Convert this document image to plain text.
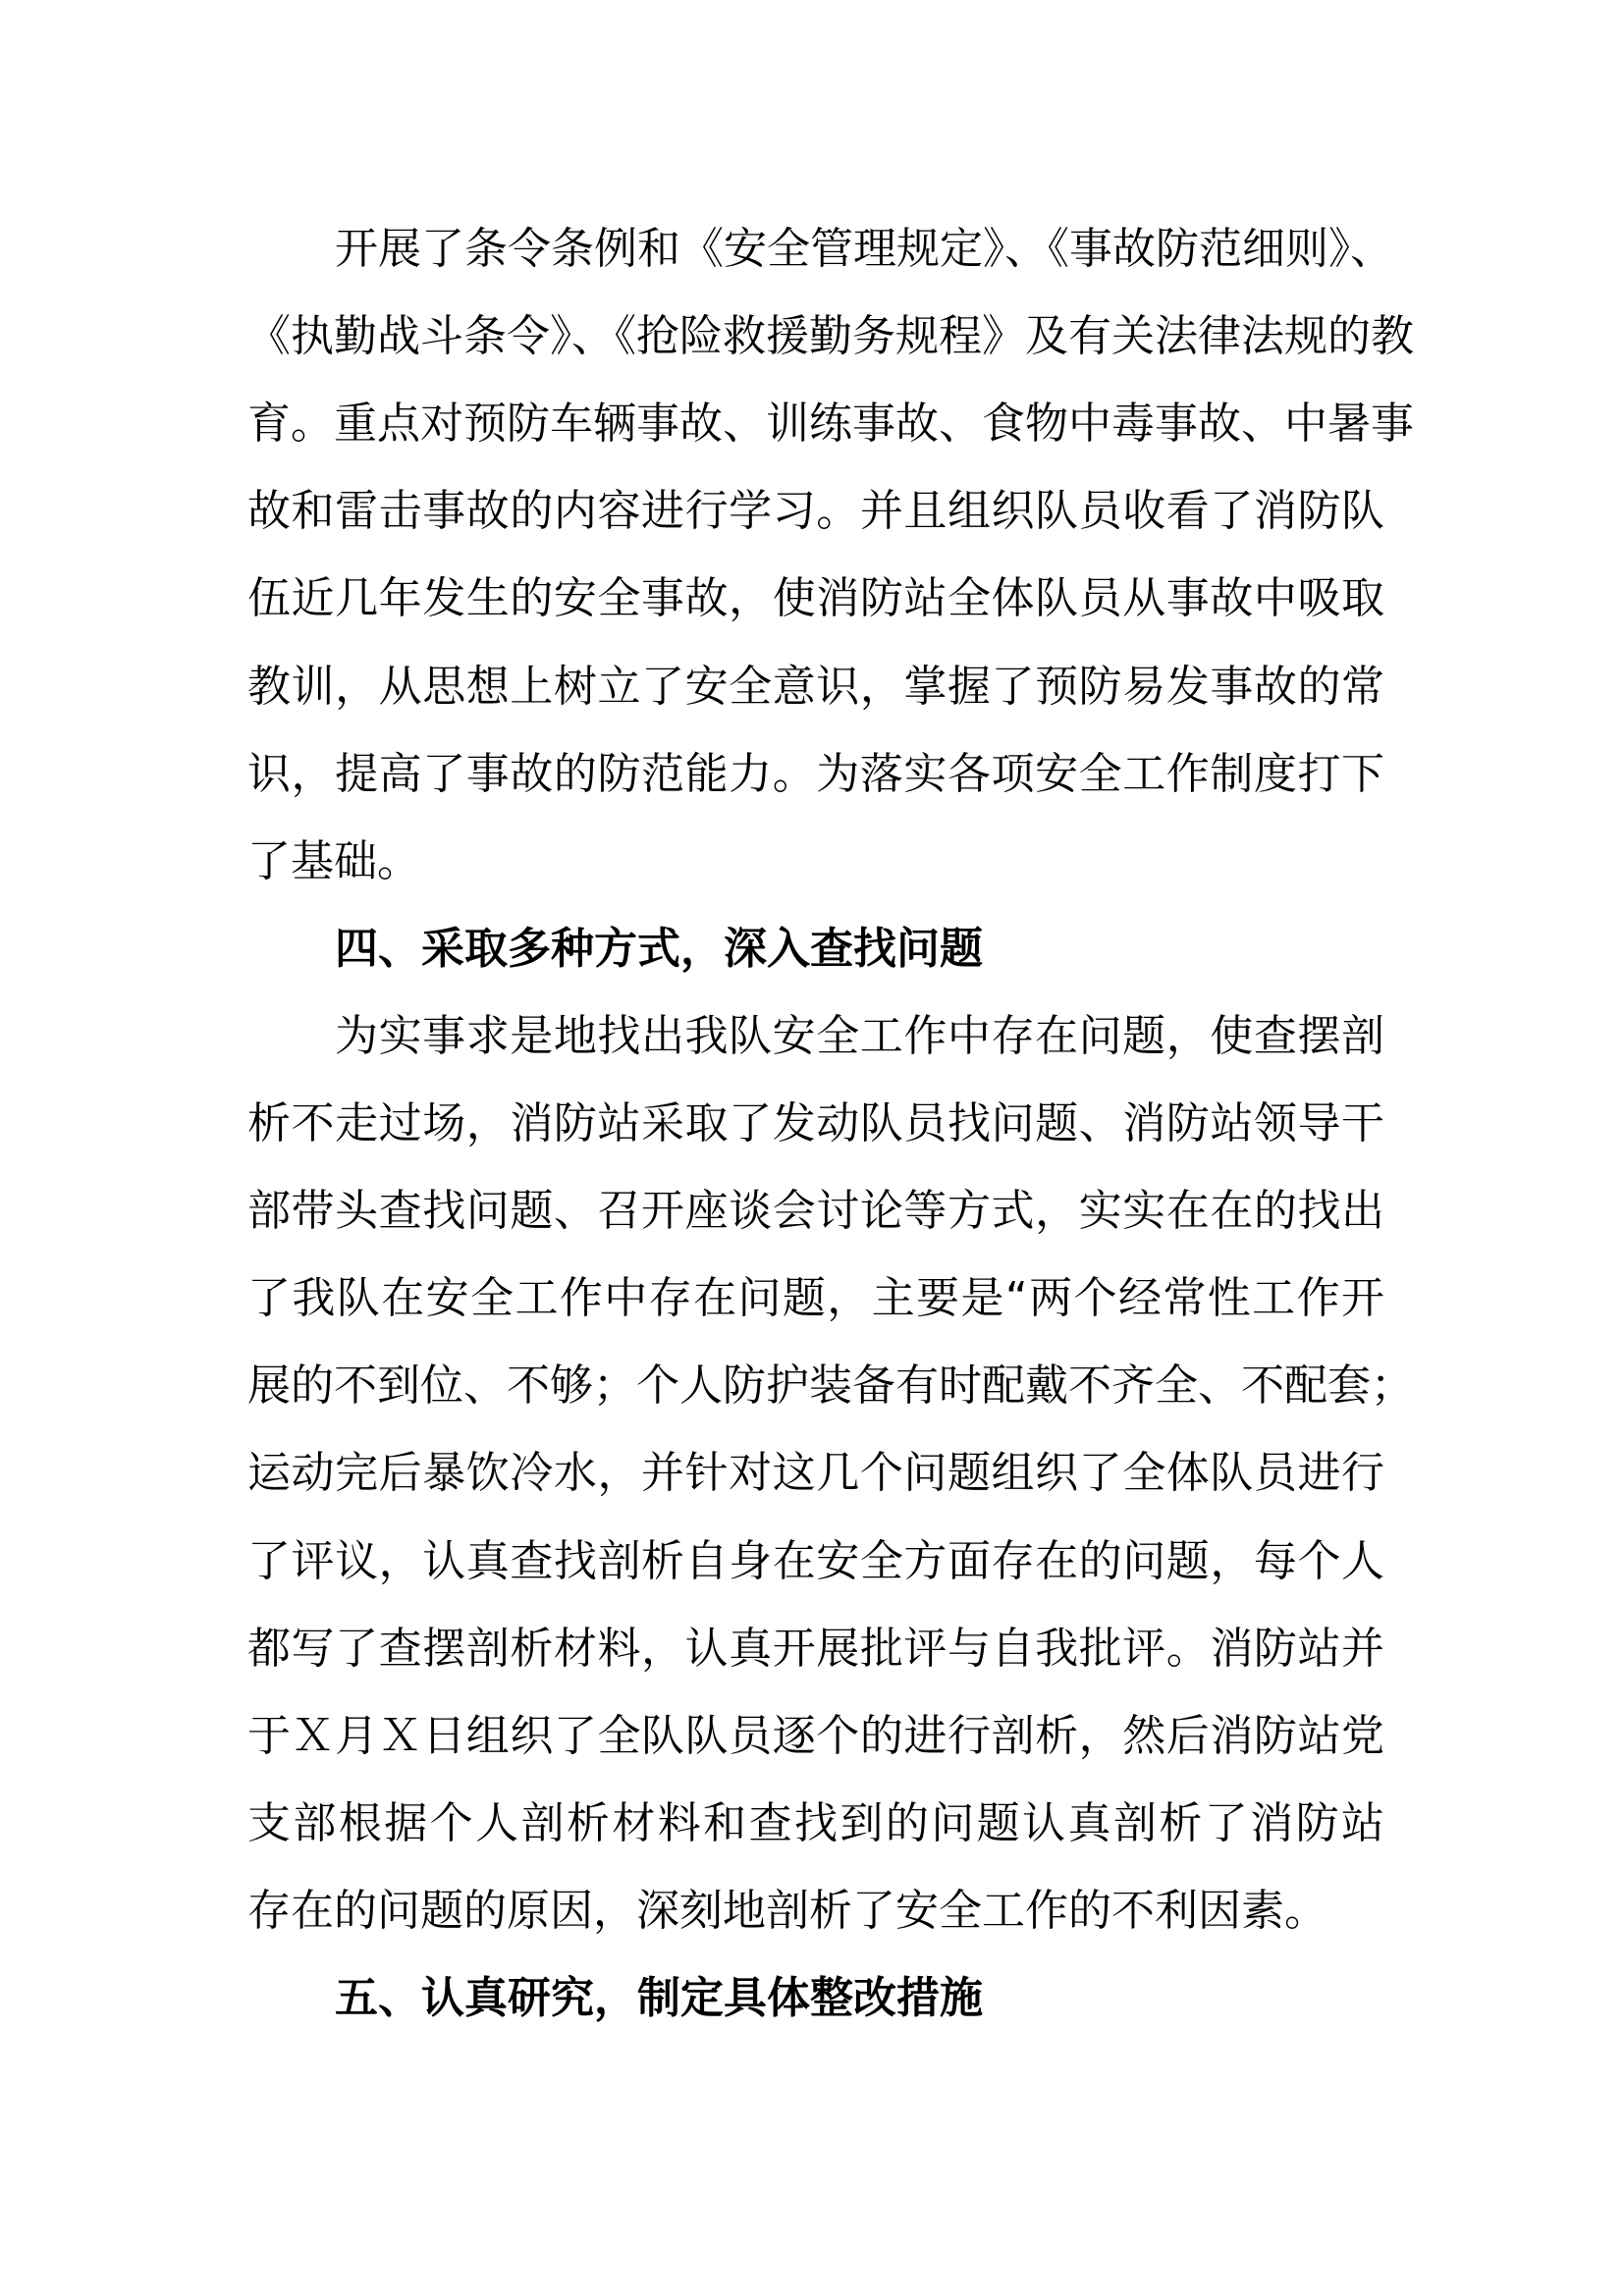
开展了条令条例和《安全管理规定》、《事故防范细则》、
《执勤战斗条令》、《抢险救援勤务规程》及有关法律法规的教
育。重点对预防车辆事故、训练事故、食物中毒事故、中暑事
故和雷击事故的内容进行学习。并且组织队员收看了消防队
伍近几年发生的安全事故，使消防站全体队员从事故中吸取
教训，从思想上树立了安全意识，掌握了预防易发事故的常
识，提高了事故的防范能力。为落实各项安全工作制度打下
了基础。
四、采取多种方式，深入查找问题
为实事求是地找出我队安全工作中存在问题，使查摆剖
析不走过场，消防站采取了发动队员找问题、消防站领导干
部带头查找问题、召开座谈会讨论等方式，实实在在的找出
了我队在安全工作中存在问题，主要是“两个经常性工作开
展的不到位、不够；个人防护装备有时配戴不齐全、不配套；
运动完后暴饮冷水，并针对这几个问题组织了全体队员进行
了评议，认真查找剖析自身在安全方面存在的问题，每个人
都写了查摆剖析材料，认真开展批评与自我批评。消防站并
于Ｘ月Ｘ日组织了全队队员逐个的进行剖析，然后消防站党
支部根据个人剖析材料和查找到的问题认真剖析了消防站
存在的问题的原因，深刻地剖析了安全工作的不利因素。
五、认真研究，制定具体整改措施
